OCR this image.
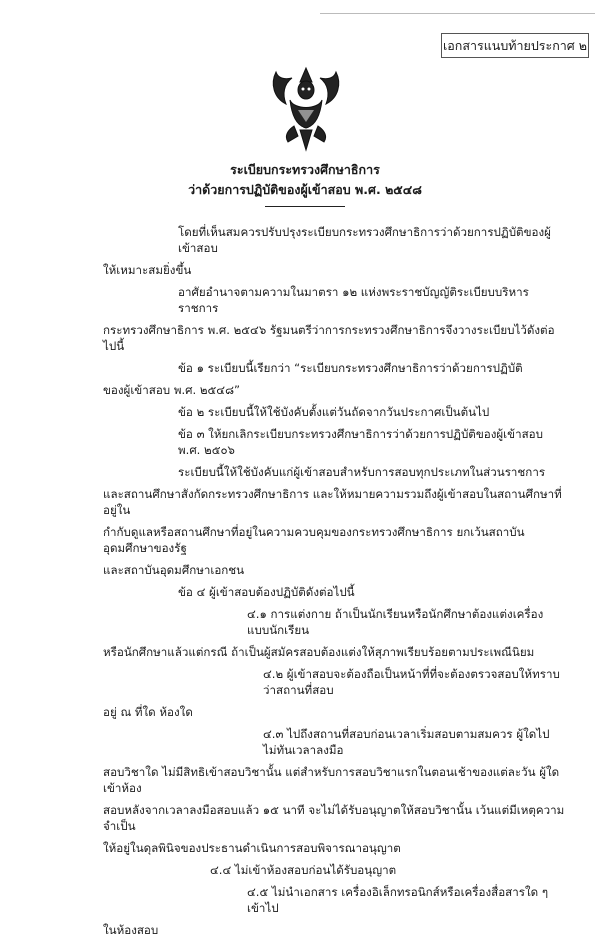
เอกสารแนบท้ายประกาศ ๒
ระเบียบกระทรวงศึกษาธิการ
ว่าด้วยการปฏิบัติของผู้เข้าสอบ พ.ศ. ๒๕๔๘
โดยที่เห็นสมควรปรับปรุงระเบียบกระทรวงศึกษาธิการว่าด้วยการปฏิบัติของผู้เข้าสอบ
ให้เหมาะสมยิ่งขึ้น
อาศัยอำนาจตามความในมาตรา ๑๒ แห่งพระราชบัญญัติระเบียบบริหารราชการ
กระทรวงศึกษาธิการ พ.ศ. ๒๕๔๖ รัฐมนตรีว่าการกระทรวงศึกษาธิการจึงวางระเบียบไว้ดังต่อไปนี้
ข้อ ๑ ระเบียบนี้เรียกว่า “ระเบียบกระทรวงศึกษาธิการว่าด้วยการปฏิบัติ
ของผู้เข้าสอบ พ.ศ. ๒๕๔๘”
ข้อ ๒ ระเบียบนี้ให้ใช้บังคับตั้งแต่วันถัดจากวันประกาศเป็นต้นไป
ข้อ ๓ ให้ยกเลิกระเบียบกระทรวงศึกษาธิการว่าด้วยการปฏิบัติของผู้เข้าสอบ พ.ศ. ๒๕๐๖
ระเบียบนี้ให้ใช้บังคับแก่ผู้เข้าสอบสำหรับการสอบทุกประเภทในส่วนราชการ
และสถานศึกษาสังกัดกระทรวงศึกษาธิการ และให้หมายความรวมถึงผู้เข้าสอบในสถานศึกษาที่อยู่ใน
กำกับดูแลหรือสถานศึกษาที่อยู่ในความควบคุมของกระทรวงศึกษาธิการ ยกเว้นสถาบันอุดมศึกษาของรัฐ
และสถาบันอุดมศึกษาเอกชน
ข้อ ๔ ผู้เข้าสอบต้องปฏิบัติดังต่อไปนี้
๔.๑ การแต่งกาย ถ้าเป็นนักเรียนหรือนักศึกษาต้องแต่งเครื่องแบบนักเรียน
หรือนักศึกษาแล้วแต่กรณี ถ้าเป็นผู้สมัครสอบต้องแต่งให้สุภาพเรียบร้อยตามประเพณีนิยม
๔.๒ ผู้เข้าสอบจะต้องถือเป็นหน้าที่ที่จะต้องตรวจสอบให้ทราบว่าสถานที่สอบ
อยู่ ณ ที่ใด ห้องใด
๔.๓ ไปถึงสถานที่สอบก่อนเวลาเริ่มสอบตามสมควร ผู้ใดไปไม่ทันเวลาลงมือ
สอบวิชาใด ไม่มีสิทธิเข้าสอบวิชานั้น แต่สำหรับการสอบวิชาแรกในตอนเช้าของแต่ละวัน ผู้ใดเข้าห้อง
สอบหลังจากเวลาลงมือสอบแล้ว ๑๕ นาที จะไม่ได้รับอนุญาตให้สอบวิชานั้น เว้นแต่มีเหตุความจำเป็น
ให้อยู่ในดุลพินิจของประธานดำเนินการสอบพิจารณาอนุญาต
๔.๔ ไม่เข้าห้องสอบก่อนได้รับอนุญาต
๔.๕ ไม่นำเอกสาร เครื่องอิเล็กทรอนิกส์หรือเครื่องสื่อสารใด ๆ เข้าไป
ในห้องสอบ
